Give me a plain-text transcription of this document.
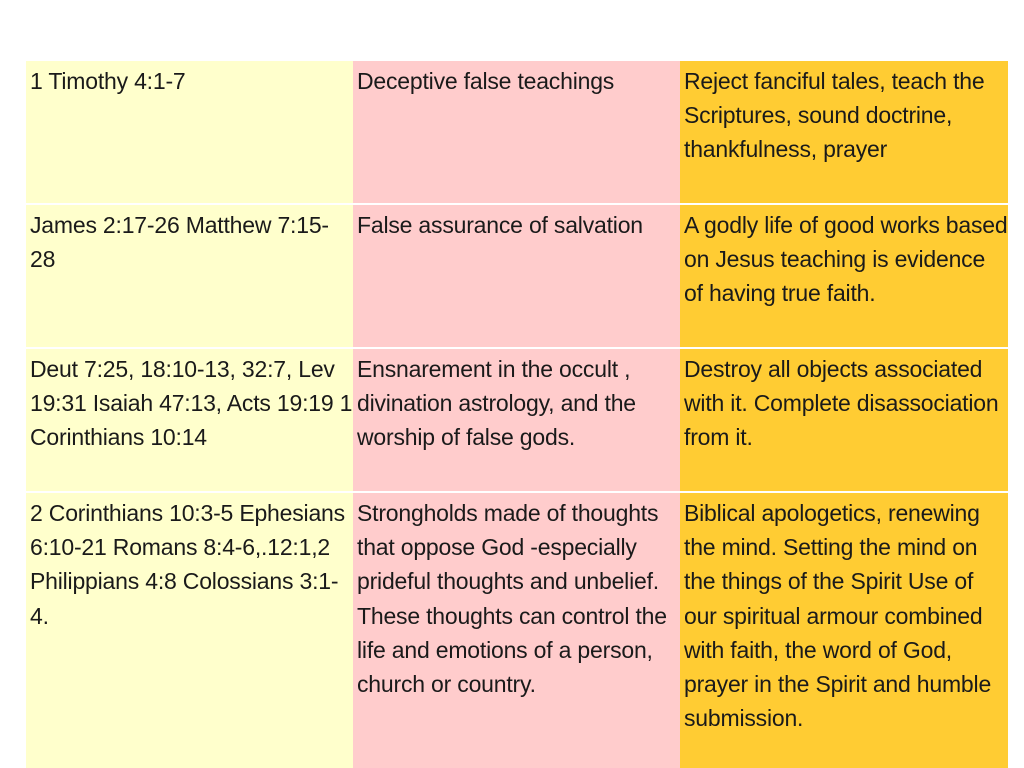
1 Timothy 4:1-7	Deceptive false teachings	Reject fanciful tales, teach the Scriptures, sound doctrine, thankfulness, prayer
James 2:17-26 Matthew 7:15-28	False assurance of salvation	A godly life of good works based on Jesus teaching is evidence of having true faith.
Deut 7:25, 18:10-13, 32:7, Lev 19:31 Isaiah 47:13, Acts 19:19 1 Corinthians 10:14	Ensnarement in the occult , divination astrology, and the worship of false gods.	Destroy all objects associated with it. Complete disassociation from it.
2 Corinthians 10:3-5 Ephesians 6:10-21 Romans 8:4-6,.12:1,2 Philippians 4:8 Colossians 3:1-4.	Strongholds made of thoughts that oppose God -especially prideful thoughts and unbelief. These thoughts can control the life and emotions of a person, church or country.	Biblical apologetics, renewing the mind. Setting the mind on the things of the Spirit Use of our spiritual armour combined with faith, the word of God, prayer in the Spirit and humble submission.
